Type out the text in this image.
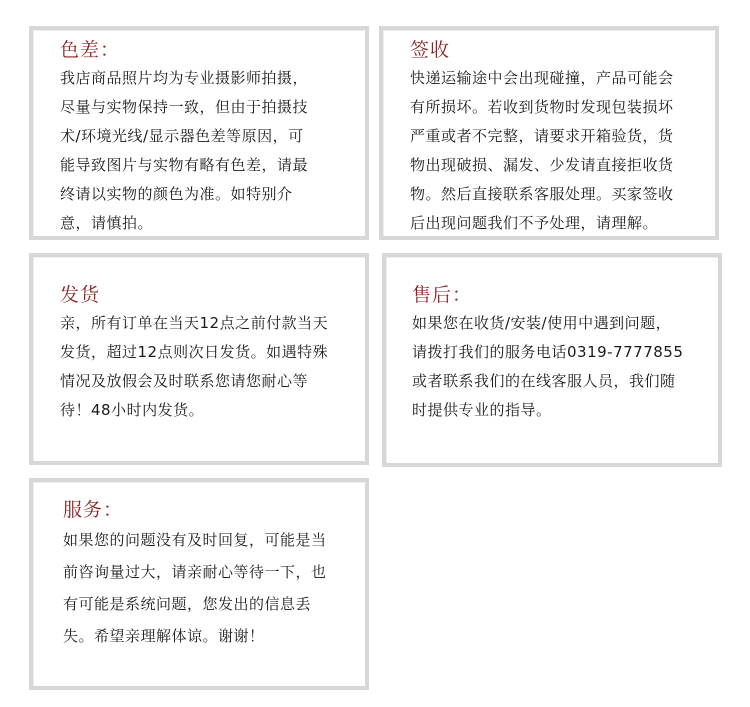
色差：
我店商品照片均为专业摄影师拍摄，
尽量与实物保持一致，但由于拍摄技
术/环境光线/显示器色差等原因，可
能导致图片与实物有略有色差，请最
终请以实物的颜色为准。如特别介
意，请慎拍。
签收
快递运输途中会出现碰撞，产品可能会
有所损坏。若收到货物时发现包装损坏
严重或者不完整，请要求开箱验货，货
物出现破损、漏发、少发请直接拒收货
物。然后直接联系客服处理。买家签收
后出现问题我们不予处理，请理解。
发货
亲，所有订单在当天12点之前付款当天
发货，超过12点则次日发货。如遇特殊
情况及放假会及时联系您请您耐心等
待！48小时内发货。
售后：
如果您在收货/安装/使用中遇到问题，
请拨打我们的服务电话0319-7777855
或者联系我们的在线客服人员，我们随
时提供专业的指导。
服务：
如果您的问题没有及时回复，可能是当
前咨询量过大，请亲耐心等待一下，也
有可能是系统问题，您发出的信息丢
失。希望亲理解体谅。谢谢！
